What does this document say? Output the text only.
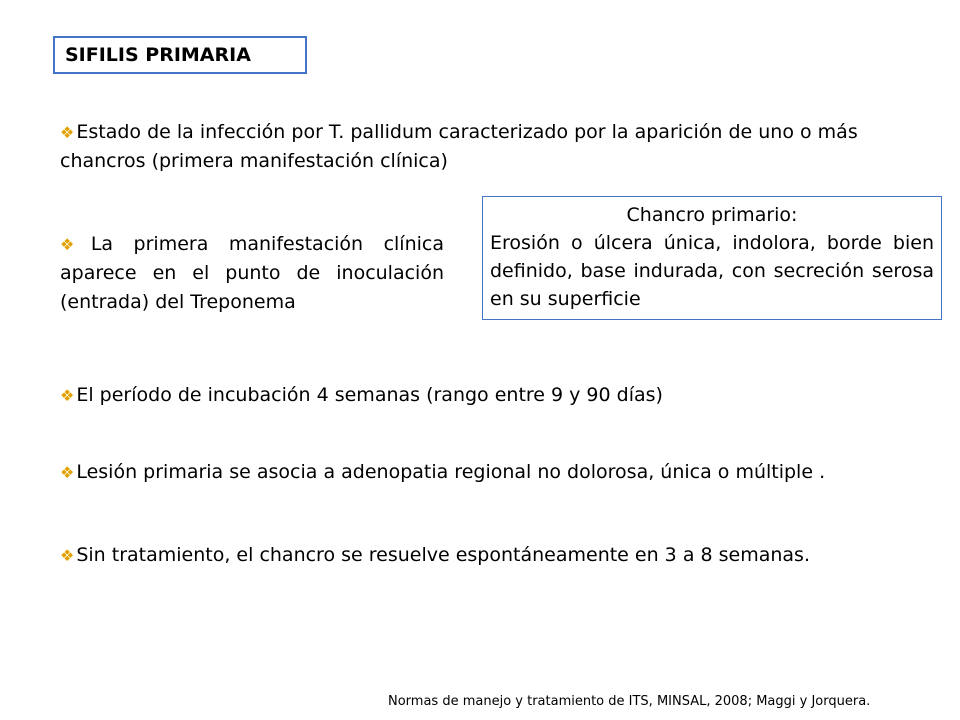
SIFILIS PRIMARIA
❖ Estado de la infección por T. pallidum caracterizado por la aparición de uno o más chancros (primera manifestación clínica)
❖ La primera manifestación clínica aparece en el punto de inoculación (entrada) del Treponema
Chancro primario:
Erosión o úlcera única, indolora, borde bien definido, base indurada, con secreción serosa en su superficie
❖ El período de incubación 4 semanas (rango entre 9 y 90 días)
❖ Lesión primaria se asocia a adenopatia regional no dolorosa, única o múltiple .
❖ Sin tratamiento, el chancro se resuelve espontáneamente en 3 a 8 semanas.
Normas de manejo y tratamiento de ITS, MINSAL, 2008; Maggi y Jorquera.
